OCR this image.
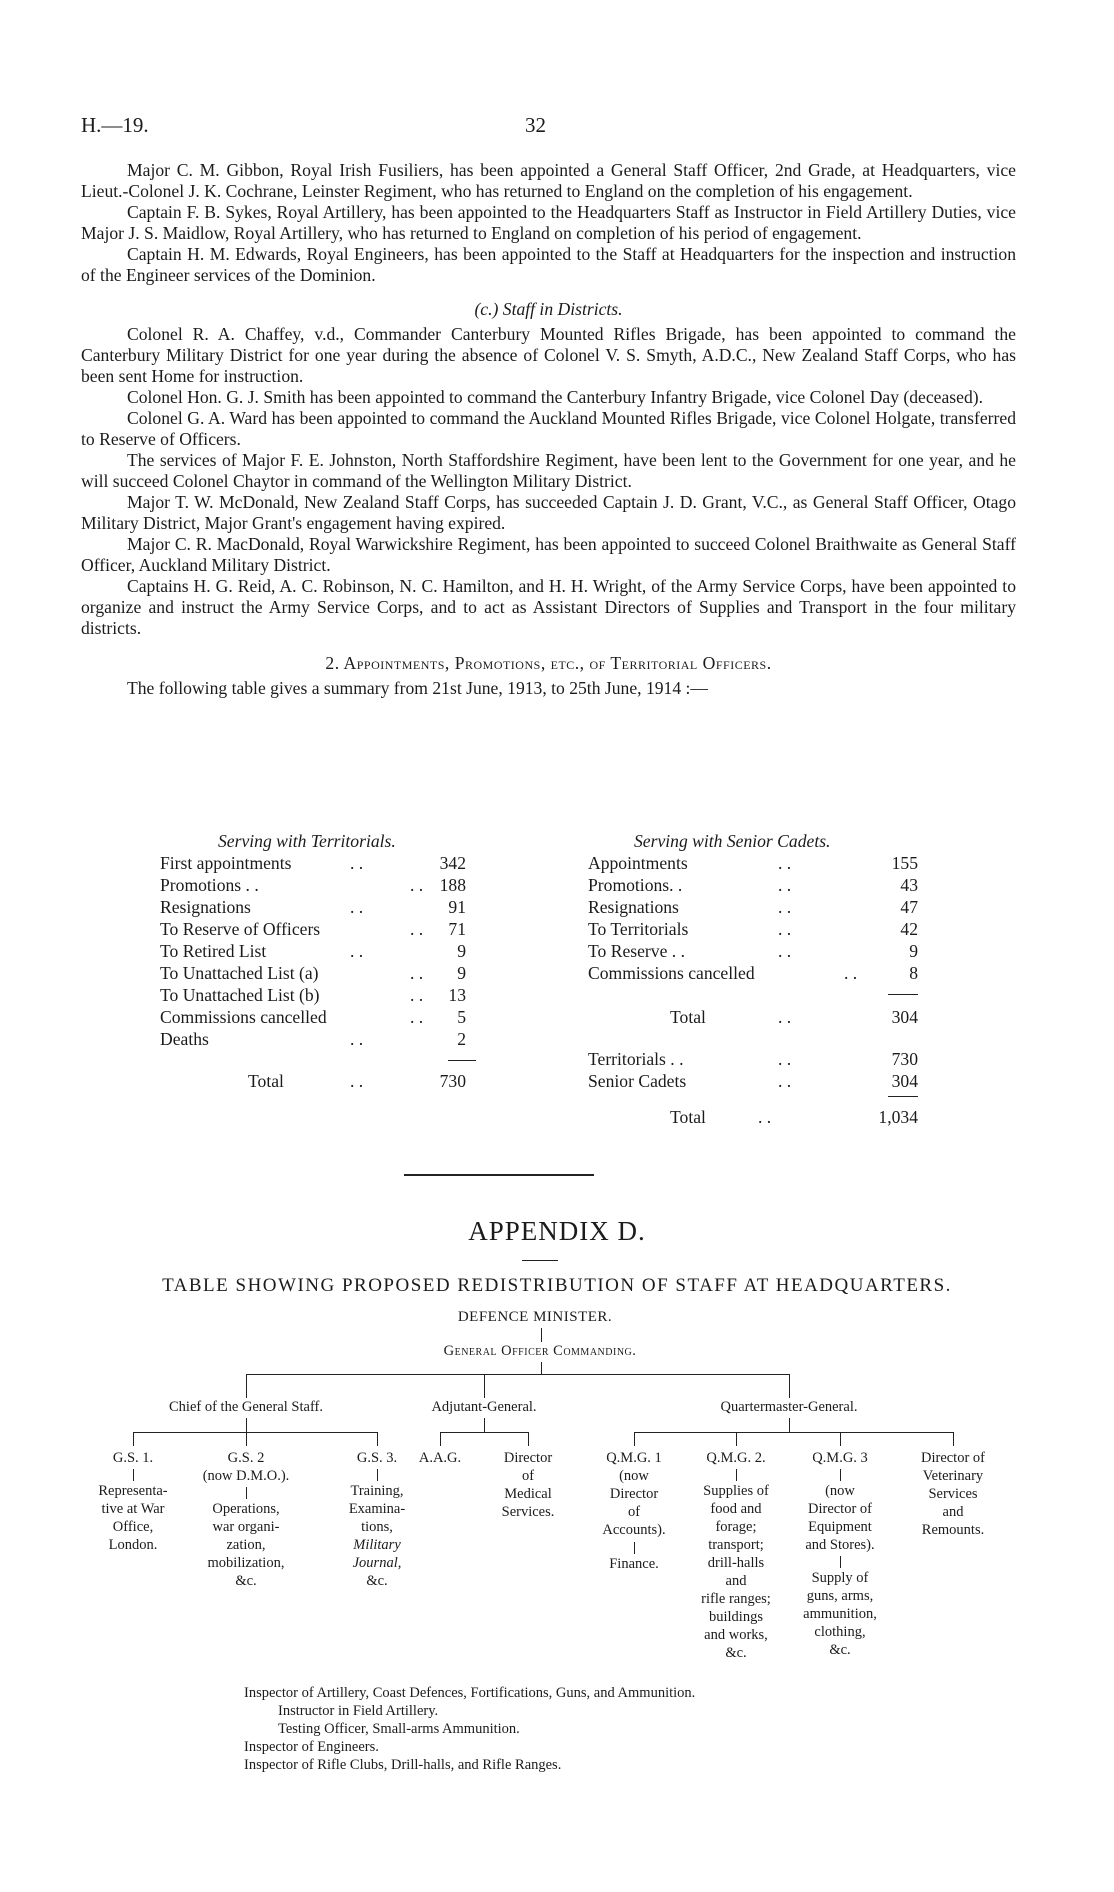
H.—19.	32

Major C. M. Gibbon, Royal Irish Fusiliers, has been appointed a General Staff Officer, 2nd Grade, at Headquarters, vice Lieut.-Colonel J. K. Cochrane, Leinster Regiment, who has returned to England on the completion of his engagement.

Captain F. B. Sykes, Royal Artillery, has been appointed to the Headquarters Staff as Instructor in Field Artillery Duties, vice Major J. S. Maidlow, Royal Artillery, who has returned to England on completion of his period of engagement.

Captain H. M. Edwards, Royal Engineers, has been appointed to the Staff at Headquarters for the inspection and instruction of the Engineer services of the Dominion.

(c.) Staff in Districts.

Colonel R. A. Chaffey, v.d., Commander Canterbury Mounted Rifles Brigade, has been appointed to command the Canterbury Military District for one year during the absence of Colonel V. S. Smyth, A.D.C., New Zealand Staff Corps, who has been sent Home for instruction.

Colonel Hon. G. J. Smith has been appointed to command the Canterbury Infantry Brigade, vice Colonel Day (deceased).

Colonel G. A. Ward has been appointed to command the Auckland Mounted Rifles Brigade, vice Colonel Holgate, transferred to Reserve of Officers.

The services of Major F. E. Johnston, North Staffordshire Regiment, have been lent to the Government for one year, and he will succeed Colonel Chaytor in command of the Wellington Military District.

Major T. W. McDonald, New Zealand Staff Corps, has succeeded Captain J. D. Grant, V.C., as General Staff Officer, Otago Military District, Major Grant's engagement having expired.

Major C. R. MacDonald, Royal Warwickshire Regiment, has been appointed to succeed Colonel Braithwaite as General Staff Officer, Auckland Military District.

Captains H. G. Reid, A. C. Robinson, N. C. Hamilton, and H. H. Wright, of the Army Service Corps, have been appointed to organize and instruct the Army Service Corps, and to act as Assistant Directors of Supplies and Transport in the four military districts.

2. Appointments, Promotions, etc., of Territorial Officers.

The following table gives a summary from 21st June, 1913, to 25th June, 1914 :—

Serving with Territorials.
First appointments	. .	342
Promotions . .	. . 188
Resignations	. .	91
To Reserve of Officers	. .	71
To Retired List	. .	9
To Unattached List (a)	. .	9
To Unattached List (b)	. .	13
Commissions cancelled	. .	5
Deaths	. .	2
Total	. .	730
Serving with Senior Cadets.
Appointments	. .	155
Promotions. .	. .	43
Resignations	. .	47
To Territorials	. .	42
To Reserve . .	. .	9
Commissions cancelled	. .	8
Total	. .	304
Territorials . .	. .	730
Senior Cadets	. .	304
Total	. .	1,034
APPENDIX D.
TABLE SHOWING PROPOSED REDISTRIBUTION OF STAFF AT HEADQUARTERS.
DEFENCE MINISTER.
General Officer Commanding.
Chief of the General Staff.	Adjutant-General.	Quartermaster-General.
G.S. 1.
Representa-
tive at War
Office,
London.
G.S. 2
(now D.M.O.).
Operations,
war organi-
zation,
mobilization,
&c.
G.S. 3.
Training,
Examina-
tions,
Military
Journal,
&c.
A.A.G.	Director
of
Medical
Services.
Q.M.G. 1
(now
Director
of
Accounts).
Finance.
Q.M.G. 2.
Supplies of
food and
forage;
transport;
drill-halls
and
rifle ranges;
buildings
and works,
&c.
Q.M.G. 3
(now
Director of
Equipment
and Stores).
Supply of
guns, arms,
ammunition,
clothing,
&c.
Director of
Veterinary
Services
and
Remounts.
Inspector of Artillery, Coast Defences, Fortifications, Guns, and Ammunition.
Instructor in Field Artillery.
Testing Officer, Small-arms Ammunition.
Inspector of Engineers.
Inspector of Rifle Clubs, Drill-halls, and Rifle Ranges.
